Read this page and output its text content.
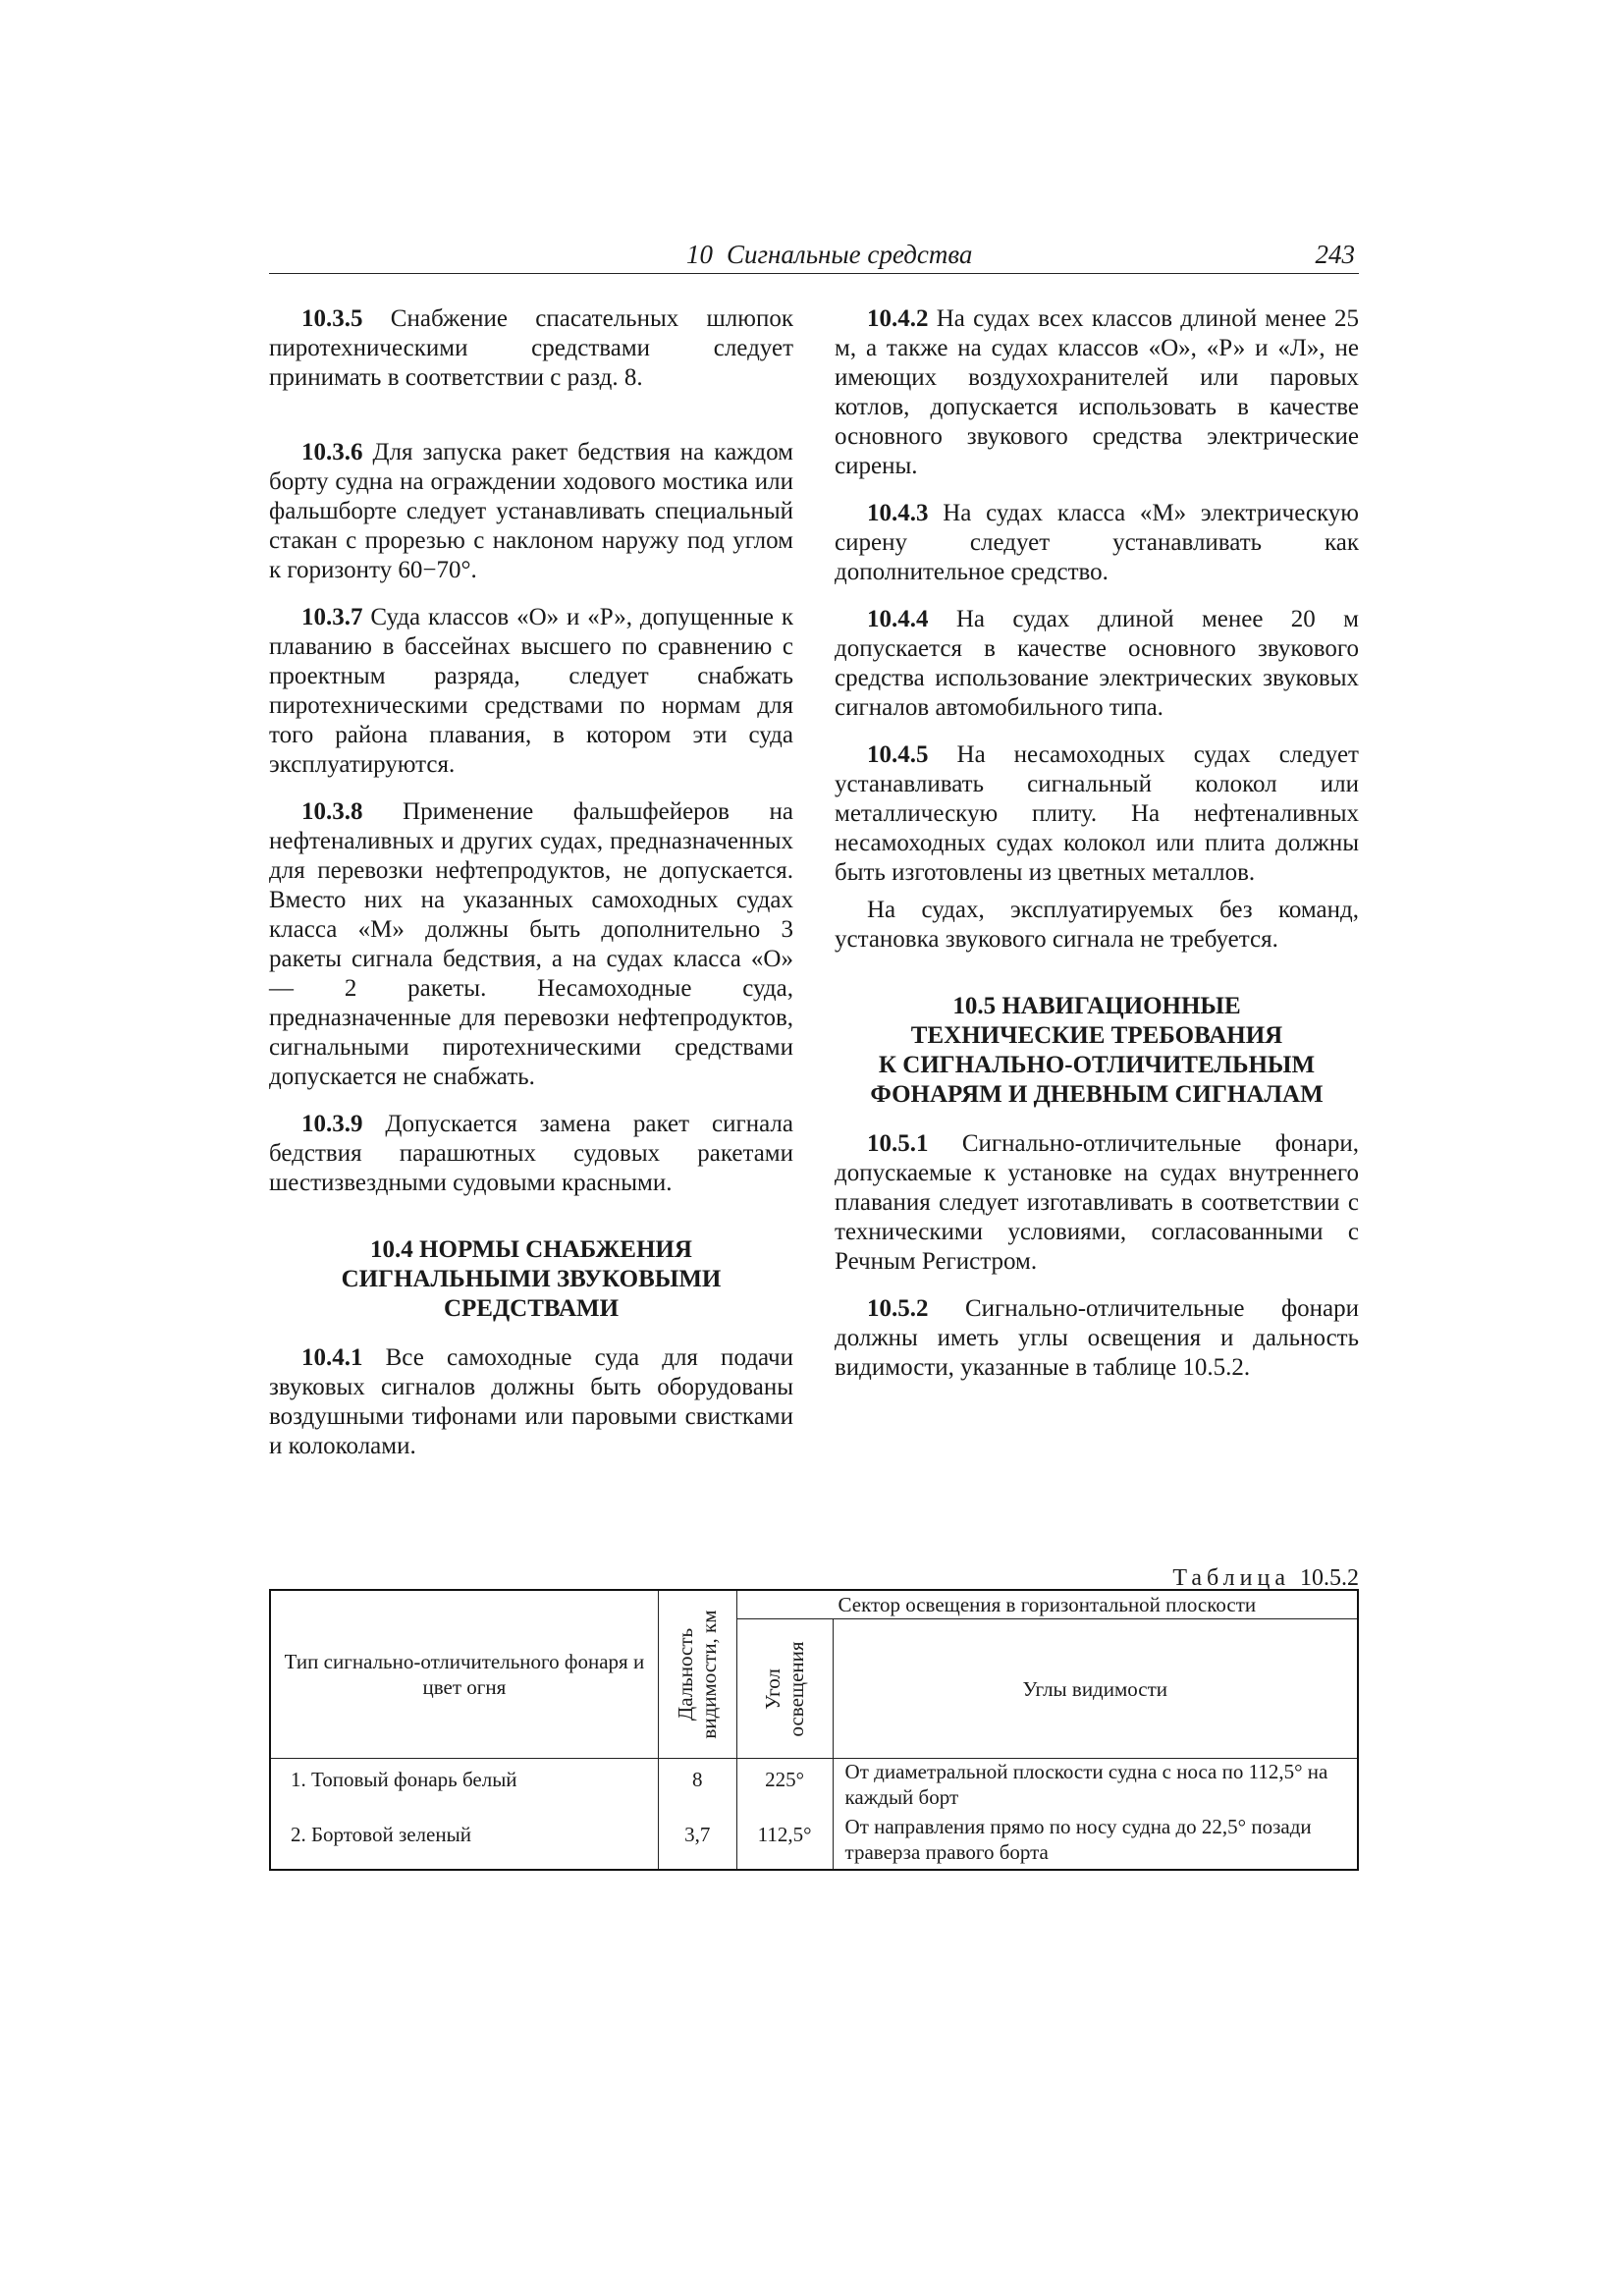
10 Сигнальные средства	243

10.3.5 Снабжение спасательных шлюпок пиротехническими средствами следует принимать в соответствии с разд. 8.

10.3.6 Для запуска ракет бедствия на каждом борту судна на ограждении ходового мостика или фальшборте следует устанавливать специальный стакан с прорезью с наклоном наружу под углом к горизонту 60−70°.

10.3.7 Суда классов «О» и «Р», допущенные к плаванию в бассейнах высшего по сравнению с проектным разряда, следует снабжать пиротехническими средствами по нормам для того района плавания, в котором эти суда эксплуатируются.

10.3.8 Применение фальшфейеров на нефтеналивных и других судах, предназначенных для перевозки нефтепродуктов, не допускается. Вместо них на указанных самоходных судах класса «М» должны быть дополнительно 3 ракеты сигнала бедствия, а на судах класса «О» — 2 ракеты. Несамоходные суда, предназначенные для перевозки нефтепродуктов, сигнальными пиротехническими средствами допускается не снабжать.

10.3.9 Допускается замена ракет сигнала бедствия парашютных судовых ракетами шестизвездными судовыми красными.

10.4 НОРМЫ СНАБЖЕНИЯ
СИГНАЛЬНЫМИ ЗВУКОВЫМИ
СРЕДСТВАМИ

10.4.1 Все самоходные суда для подачи звуковых сигналов должны быть оборудованы воздушными тифонами или паровыми свистками и колоколами.

10.4.2 На судах всех классов длиной менее 25 м, а также на судах классов «О», «Р» и «Л», не имеющих воздухохранителей или паровых котлов, допускается использовать в качестве основного звукового средства электрические сирены.

10.4.3 На судах класса «М» электрическую сирену следует устанавливать как дополнительное средство.

10.4.4 На судах длиной менее 20 м допускается в качестве основного звукового средства использование электрических звуковых сигналов автомобильного типа.

10.4.5 На несамоходных судах следует устанавливать сигнальный колокол или металлическую плиту. На нефтеналивных несамоходных судах колокол или плита должны быть изготовлены из цветных металлов.

На судах, эксплуатируемых без команд, установка звукового сигнала не требуется.

10.5 НАВИГАЦИОННЫЕ
ТЕХНИЧЕСКИЕ ТРЕБОВАНИЯ
К СИГНАЛЬНО-ОТЛИЧИТЕЛЬНЫМ
ФОНАРЯМ И ДНЕВНЫМ СИГНАЛАМ

10.5.1 Сигнально-отличительные фонари, допускаемые к установке на судах внутреннего плавания следует изготавливать в соответствии с техническими условиями, согласованными с Речным Регистром.

10.5.2 Сигнально-отличительные фонари должны иметь углы освещения и дальность видимости, указанные в таблице 10.5.2.

Таблица 10.5.2
Тип сигнально-отличительного фонаря и цвет огня	Дальность видимости, км	Сектор освещения в горизонтальной плоскости	

		Угол освещения	Углы видимости
1. Топовый фонарь белый	8	225°	От диаметральной плоскости судна с носа по 112,5° на каждый борт
2. Бортовой зеленый	3,7	112,5°	От направления прямо по носу судна до 22,5° позади траверза правого борта
